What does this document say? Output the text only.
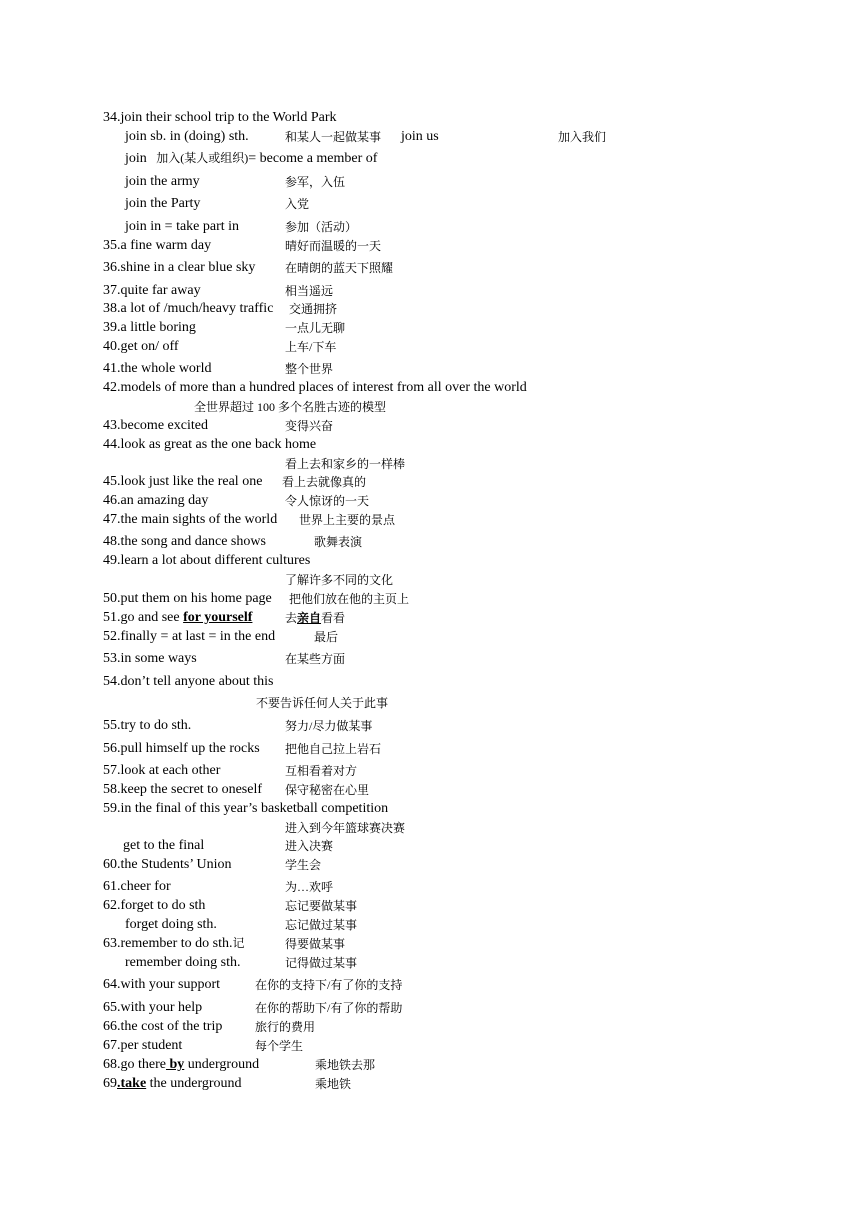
34.join their school trip to the World Park
join sb. in (doing) sth.	和某人一起做某事 join us	加入我们
join 加入(某人或组织)= become a member of
join the army	参军，入伍
join the Party	入党
join in = take part in	参加（活动）
35.a fine warm day	晴好而温暖的一天
36.shine in a clear blue sky 在晴朗的蓝天下照耀
37.quite far away	相当遥远
38.a lot of /much/heavy traffic 交通拥挤
39.a little boring	一点儿无聊
40.get on/ off	上车/下车
41.the whole world	整个世界
42.models of more than a hundred places of interest from all over the world
全世界超过 100 多个名胜古迹的模型
43.become excited	变得兴奋
44.look as great as the one back home
看上去和家乡的一样棒
45.look just like the real one 看上去就像真的
46.an amazing day	令人惊讶的一天
47.the main sights of the world 世界上主要的景点
48.the song and dance shows	歌舞表演
49.learn a lot about different cultures
了解许多不同的文化
50.put them on his home page 把他们放在他的主页上
51.go and see for yourself	去亲自看看
52.finally = at last = in the end	最后
53.in some ways	在某些方面
54.don’t tell anyone about this
不要告诉任何人关于此事
55.try to do sth.	努力/尽力做某事
56.pull himself up the rocks 把他自己拉上岩石
57.look at each other	互相看着对方
58.keep the secret to oneself 保守秘密在心里
59.in the final of this year’s basketball competition
进入到今年篮球赛决赛
get to the final	进入决赛
60.the Students’ Union	学生会
61.cheer for	为…欢呼
62.forget to do sth	忘记要做某事
forget doing sth.	忘记做过某事
63.remember to do sth.记	得要做某事
remember doing sth.	记得做过某事
64.with your support	在你的支持下/有了你的支持
65.with your help	在你的帮助下/有了你的帮助
66.the cost of the trip	旅行的费用
67.per student	每个学生
68.go there by underground	乘地铁去那
69.take the underground	乘地铁
